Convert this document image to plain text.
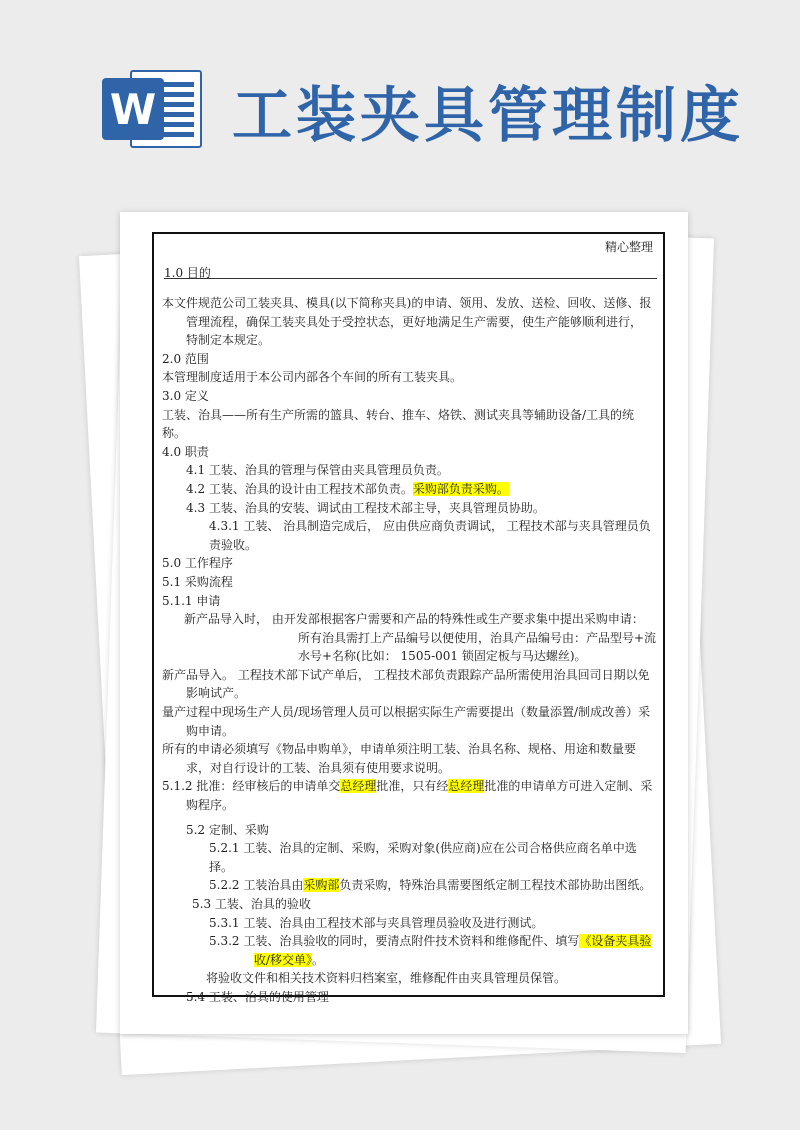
W 工装夹具管理制度
精心整理
1.0 目的

本文件规范公司工装夹具、模具(以下简称夹具)的申请、领用、发放、送检、回收、送修、报管理流程，确保工装夹具处于受控状态，更好地满足生产需要，使生产能够顺利进行， 特制定本规定。

2.0 范围

本管理制度适用于本公司内部各个车间的所有工装夹具。

3.0 定义

工装、治具——所有生产所需的篮具、转台、推车、烙铁、测试夹具等辅助设备/工具的统称。

4.0 职责

4.1 工装、治具的管理与保管由夹具管理员负责。

4.2 工装、治具的设计由工程技术部负责。采购部负责采购。

4.3 工装、治具的安装、调试由工程技术部主导，夹具管理员协助。

4.3.1 工装、 治具制造完成后， 应由供应商负责调试， 工程技术部与夹具管理员负责验收。

5.0 工作程序

5.1 采购流程

5.1.1 申请

新产品导入时， 由开发部根据客户需要和产品的特殊性或生产要求集中提出采购申请： 所有治具需打上产品编号以便使用，治具产品编号由：产品型号+流水号+名称(比如： 1505-001 锁固定板与马达螺丝)。

新产品导入。 工程技术部下试产单后， 工程技术部负责跟踪产品所需使用治具回司日期以免影响试产。

量产过程中现场生产人员/现场管理人员可以根据实际生产需要提出（数量添置/制成改善）采购申请。

所有的申请必须填写《物品申购单》，申请单须注明工装、治具名称、规格、用途和数量要求，对自行设计的工装、治具须有使用要求说明。

5.1.2 批准：经审核后的申请单交总经理批准，只有经总经理批准的申请单方可进入定制、采购程序。

5.2 定制、采购

5.2.1 工装、治具的定制、采购，采购对象(供应商)应在公司合格供应商名单中选择。

5.2.2 工装治具由采购部负责采购，特殊治具需要图纸定制工程技术部协助出图纸。

5.3 工装、治具的验收

5.3.1 工装、治具由工程技术部与夹具管理员验收及进行测试。

5.3.2 工装、治具验收的同时，要清点附件技术资料和维修配件、填写《设备夹具验收/移交单》。

将验收文件和相关技术资料归档案室，维修配件由夹具管理员保管。

5.4 工装、治具的使用管理
